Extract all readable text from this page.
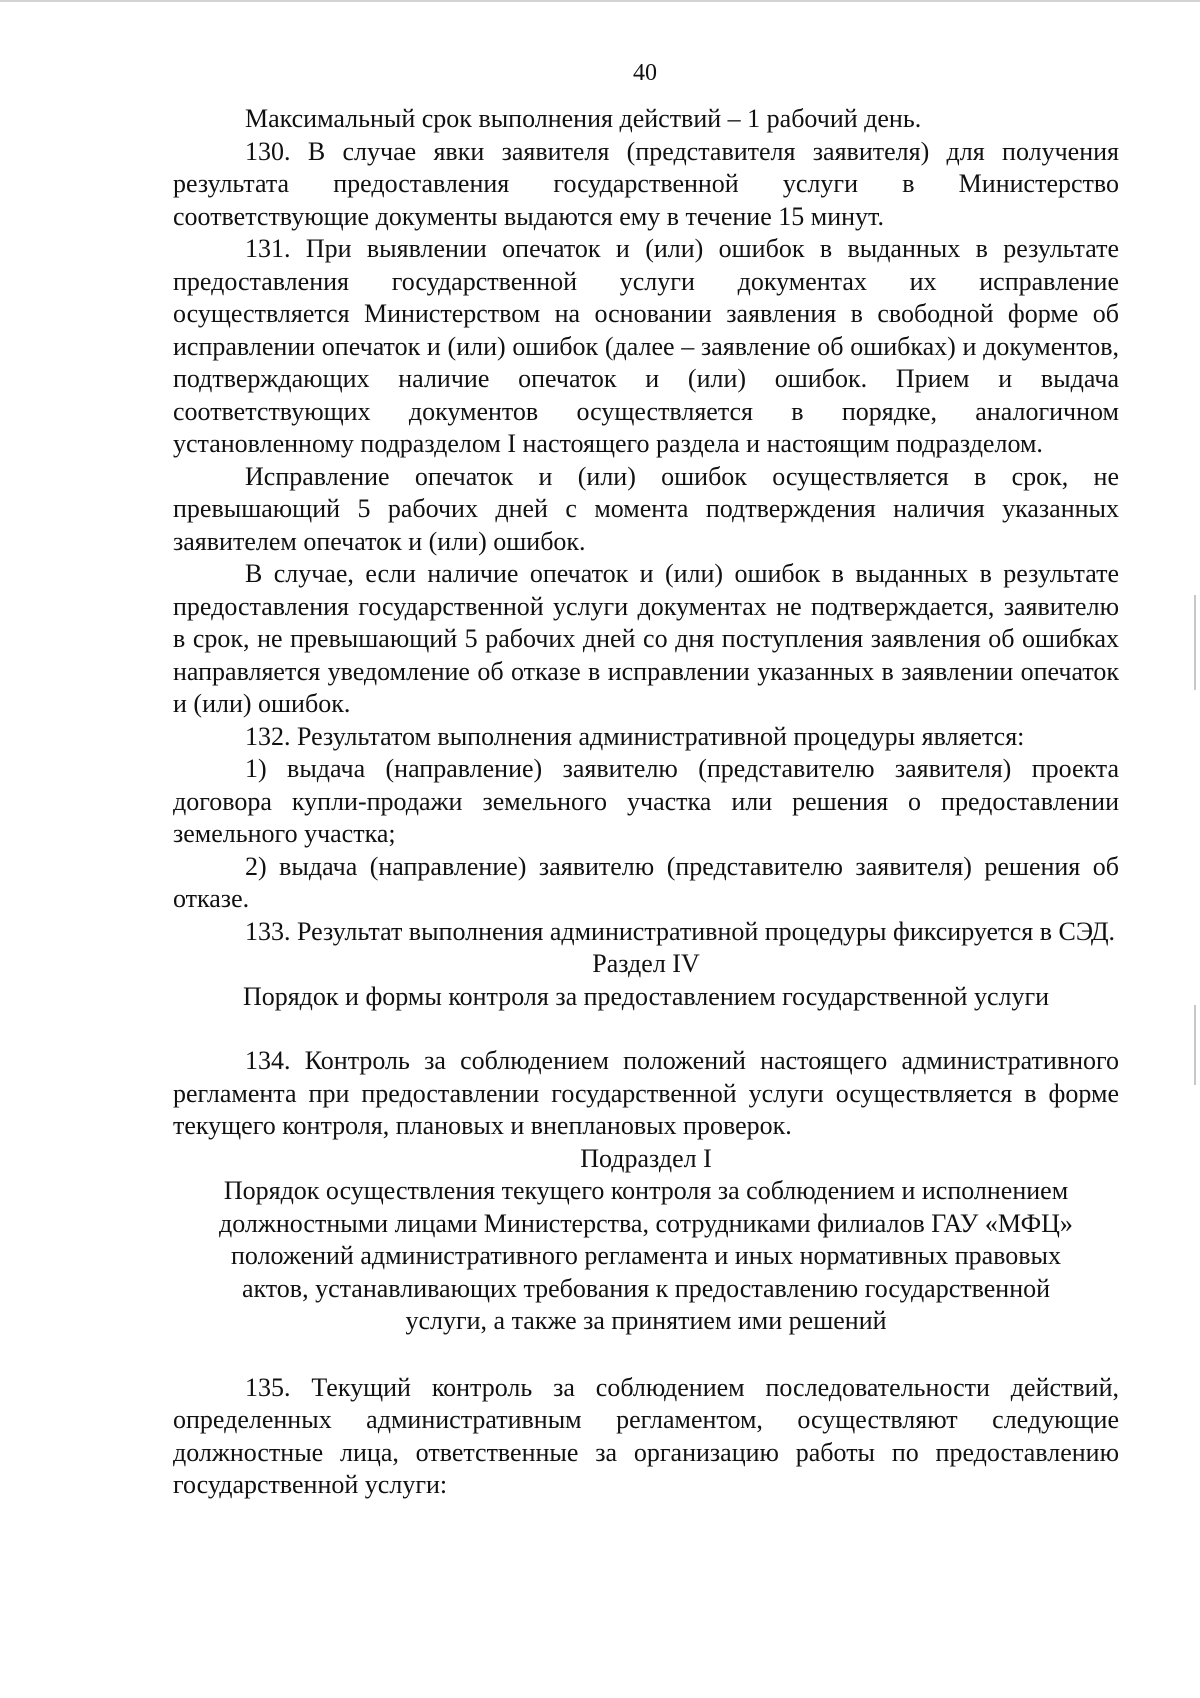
40

Максимальный срок выполнения действий – 1 рабочий день.

130. В случае явки заявителя (представителя заявителя) для получения результата предоставления государственной услуги в Министерство соответствующие документы выдаются ему в течение 15 минут.

131. При выявлении опечаток и (или) ошибок в выданных в результате предоставления государственной услуги документах их исправление осуществляется Министерством на основании заявления в свободной форме об исправлении опечаток и (или) ошибок (далее – заявление об ошибках) и документов, подтверждающих наличие опечаток и (или) ошибок. Прием и выдача соответствующих документов осуществляется в порядке, аналогичном установленному подразделом I настоящего раздела и настоящим подразделом.

Исправление опечаток и (или) ошибок осуществляется в срок, не превышающий 5 рабочих дней с момента подтверждения наличия указанных заявителем опечаток и (или) ошибок.

В случае, если наличие опечаток и (или) ошибок в выданных в результате предоставления государственной услуги документах не подтверждается, заявителю в срок, не превышающий 5 рабочих дней со дня поступления заявления об ошибках направляется уведомление об отказе в исправлении указанных в заявлении опечаток и (или) ошибок.

132. Результатом выполнения административной процедуры является:

1) выдача (направление) заявителю (представителю заявителя) проекта договора купли-продажи земельного участка или решения о предоставлении земельного участка;

2) выдача (направление) заявителю (представителю заявителя) решения об отказе.

133. Результат выполнения административной процедуры фиксируется в СЭД.

Раздел IV

Порядок и формы контроля за предоставлением государственной услуги

134. Контроль за соблюдением положений настоящего административного регламента при предоставлении государственной услуги осуществляется в форме текущего контроля, плановых и внеплановых проверок.

Подраздел I

Порядок осуществления текущего контроля за соблюдением и исполнением

должностными лицами Министерства, сотрудниками филиалов ГАУ «МФЦ»

положений административного регламента и иных нормативных правовых

актов, устанавливающих требования к предоставлению государственной

услуги, а также за принятием ими решений

135. Текущий контроль за соблюдением последовательности действий, определенных административным регламентом, осуществляют следующие должностные лица, ответственные за организацию работы по предоставлению государственной услуги:
